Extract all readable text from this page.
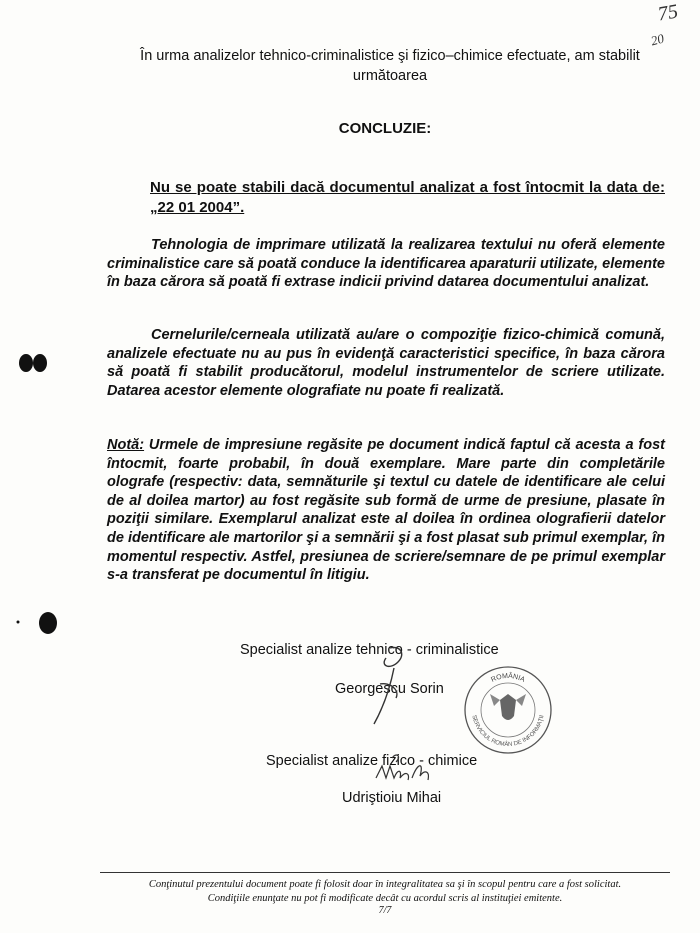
75
20
În urma analizelor tehnico-criminalistice şi fizico–chimice efectuate, am stabilit următoarea
CONCLUZIE:
Nu se poate stabili dacă documentul analizat a fost întocmit la data de: „22 01 2004”.

Tehnologia de imprimare utilizată la realizarea textului nu oferă elemente criminalistice care să poată conduce la identificarea aparaturii utilizate, elemente în baza cărora să poată fi extrase indicii privind datarea documentului analizat.

Cernelurile/cerneala utilizată au/are o compoziţie fizico-chimică comună, analizele efectuate nu au pus în evidenţă caracteristici specifice, în baza cărora să poată fi stabilit producătorul, modelul instrumentelor de scriere utilizate. Datarea acestor elemente olografiate nu poate fi realizată.

Notă: Urmele de impresiune regăsite pe document indică faptul că acesta a fost întocmit, foarte probabil, în două exemplare. Mare parte din completările olografe (respectiv: data, semnăturile şi textul cu datele de identificare ale celui de al doilea martor) au fost regăsite sub formă de urme de presiune, plasate în poziţii similare. Exemplarul analizat este al doilea în ordinea olografierii datelor de identificare ale martorilor şi a semnării şi a fost plasat sub primul exemplar, în momentul respectiv. Astfel, presiunea de scriere/semnare de pe primul exemplar s-a transferat pe documentul în litigiu.

Specialist analize tehnico - criminalistice
Georgescu Sorin
ROMÂNIA
SERVICIUL ROMÂN DE INFORMAŢII
Specialist analize fizico - chimice
Udriştioiu Mihai
Conţinutul prezentului document poate fi folosit doar în integralitatea sa şi în scopul pentru care a fost solicitat.
Condiţiile enunţate nu pot fi modificate decât cu acordul scris al instituţiei emitente.
7/7
